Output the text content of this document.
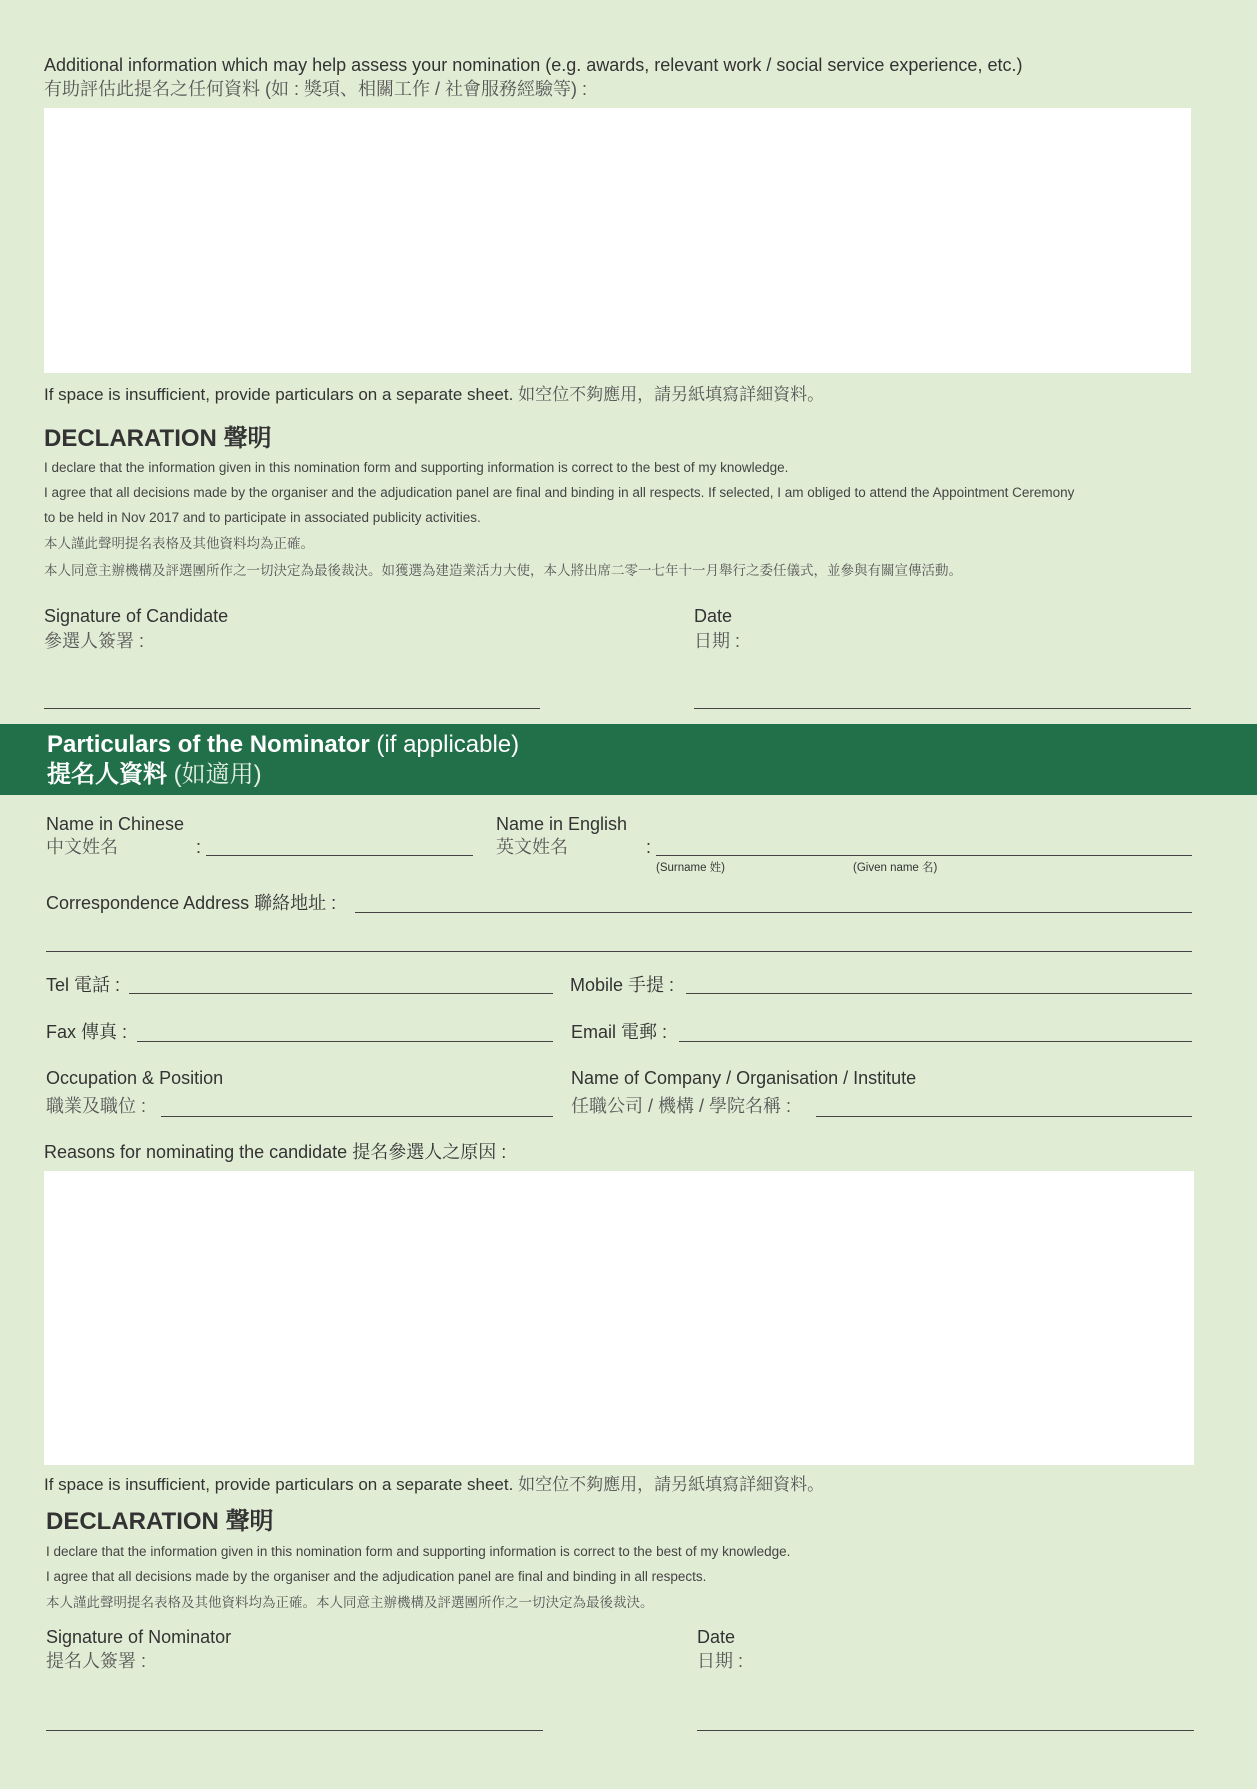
Additional information which may help assess your nomination (e.g. awards, relevant work / social service experience, etc.)
有助評估此提名之任何資料 (如 : 獎項、相關工作 / 社會服務經驗等) :
If space is insufficient, provide particulars on a separate sheet. 如空位不夠應用，請另紙填寫詳細資料。
DECLARATION 聲明
I declare that the information given in this nomination form and supporting information is correct to the best of my knowledge.
I agree that all decisions made by the organiser and the adjudication panel are final and binding in all respects. If selected, I am obliged to attend the Appointment Ceremony
to be held in Nov 2017 and to participate in associated publicity activities.
本人謹此聲明提名表格及其他資料均為正確。
本人同意主辦機構及評選團所作之一切決定為最後裁決。如獲選為建造業活力大使，本人將出席二零一七年十一月舉行之委任儀式，並參與有關宣傳活動。
Signature of Candidate
參選人簽署 :
Date
日期 :
Particulars of the Nominator (if applicable)
提名人資料 (如適用)
Name in Chinese
中文姓名	:
Name in English
英文姓名	:
(Surname 姓)	(Given name 名)
Correspondence Address 聯絡地址 :
Tel 電話 :	Mobile 手提 :
Fax 傳真 :	Email 電郵 :
Occupation & Position
職業及職位 :
Name of Company / Organisation / Institute
任職公司 / 機構 / 學院名稱 :
Reasons for nominating the candidate 提名參選人之原因 :
If space is insufficient, provide particulars on a separate sheet. 如空位不夠應用，請另紙填寫詳細資料。
DECLARATION 聲明
I declare that the information given in this nomination form and supporting information is correct to the best of my knowledge.
I agree that all decisions made by the organiser and the adjudication panel are final and binding in all respects.
本人謹此聲明提名表格及其他資料均為正確。本人同意主辦機構及評選團所作之一切決定為最後裁決。
Signature of Nominator
提名人簽署 :
Date
日期 :
